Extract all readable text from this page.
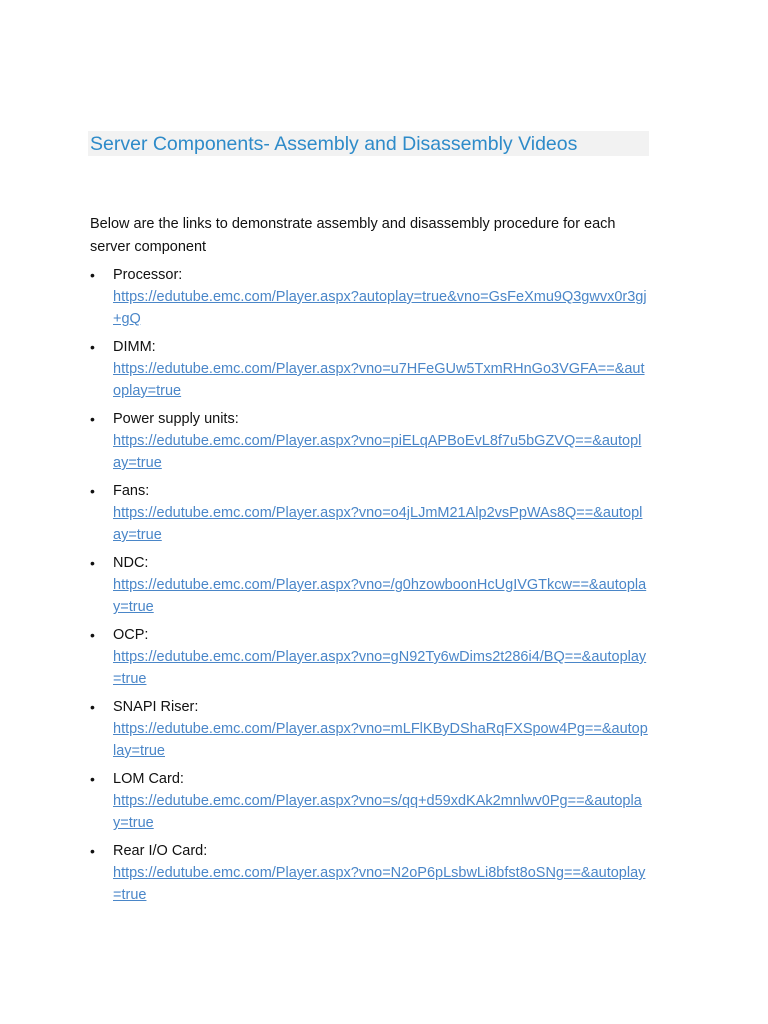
Server Components- Assembly and Disassembly Videos

Below are the links to demonstrate assembly and disassembly procedure for each server component

• Processor:
https://edutube.emc.com/Player.aspx?autoplay=true&vno=GsFeXmu9Q3gwvx0r3gj+gQ
• DIMM:
https://edutube.emc.com/Player.aspx?vno=u7HFeGUw5TxmRHnGo3VGFA==&autoplay=true
• Power supply units:
https://edutube.emc.com/Player.aspx?vno=piELqAPBoEvL8f7u5bGZVQ==&autoplay=true
• Fans:
https://edutube.emc.com/Player.aspx?vno=o4jLJmM21Alp2vsPpWAs8Q==&autoplay=true
• NDC:
https://edutube.emc.com/Player.aspx?vno=/g0hzowboonHcUgIVGTkcw==&autoplay=true
• OCP:
https://edutube.emc.com/Player.aspx?vno=gN92Ty6wDims2t286i4/BQ==&autoplay=true
• SNAPI Riser:
https://edutube.emc.com/Player.aspx?vno=mLFlKByDShaRqFXSpow4Pg==&autoplay=true
• LOM Card:
https://edutube.emc.com/Player.aspx?vno=s/qq+d59xdKAk2mnlwv0Pg==&autoplay=true
• Rear I/O Card:
https://edutube.emc.com/Player.aspx?vno=N2oP6pLsbwLi8bfst8oSNg==&autoplay=true
